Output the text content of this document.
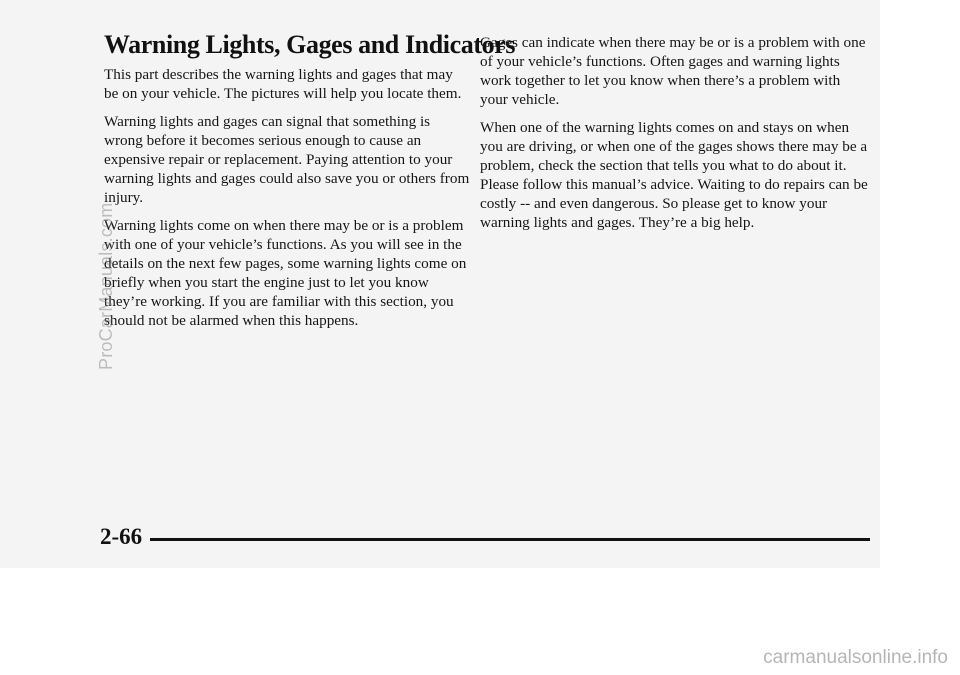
Warning Lights, Gages and Indicators

This part describes the warning lights and gages that may be on your vehicle. The pictures will help you locate them.

Warning lights and gages can signal that something is wrong before it becomes serious enough to cause an expensive repair or replacement. Paying attention to your warning lights and gages could also save you or others from injury.

Warning lights come on when there may be or is a problem with one of your vehicle’s functions. As you will see in the details on the next few pages, some warning lights come on briefly when you start the engine just to let you know they’re working. If you are familiar with this section, you should not be alarmed when this happens.

Gages can indicate when there may be or is a problem with one of your vehicle’s functions. Often gages and warning lights work together to let you know when there’s a problem with your vehicle.

When one of the warning lights comes on and stays on when you are driving, or when one of the gages shows there may be a problem, check the section that tells you what to do about it. Please follow this manual’s advice. Waiting to do repairs can be costly -- and even dangerous. So please get to know your warning lights and gages. They’re a big help.

ProCarManuals.com
2-66
carmanualsonline.info
